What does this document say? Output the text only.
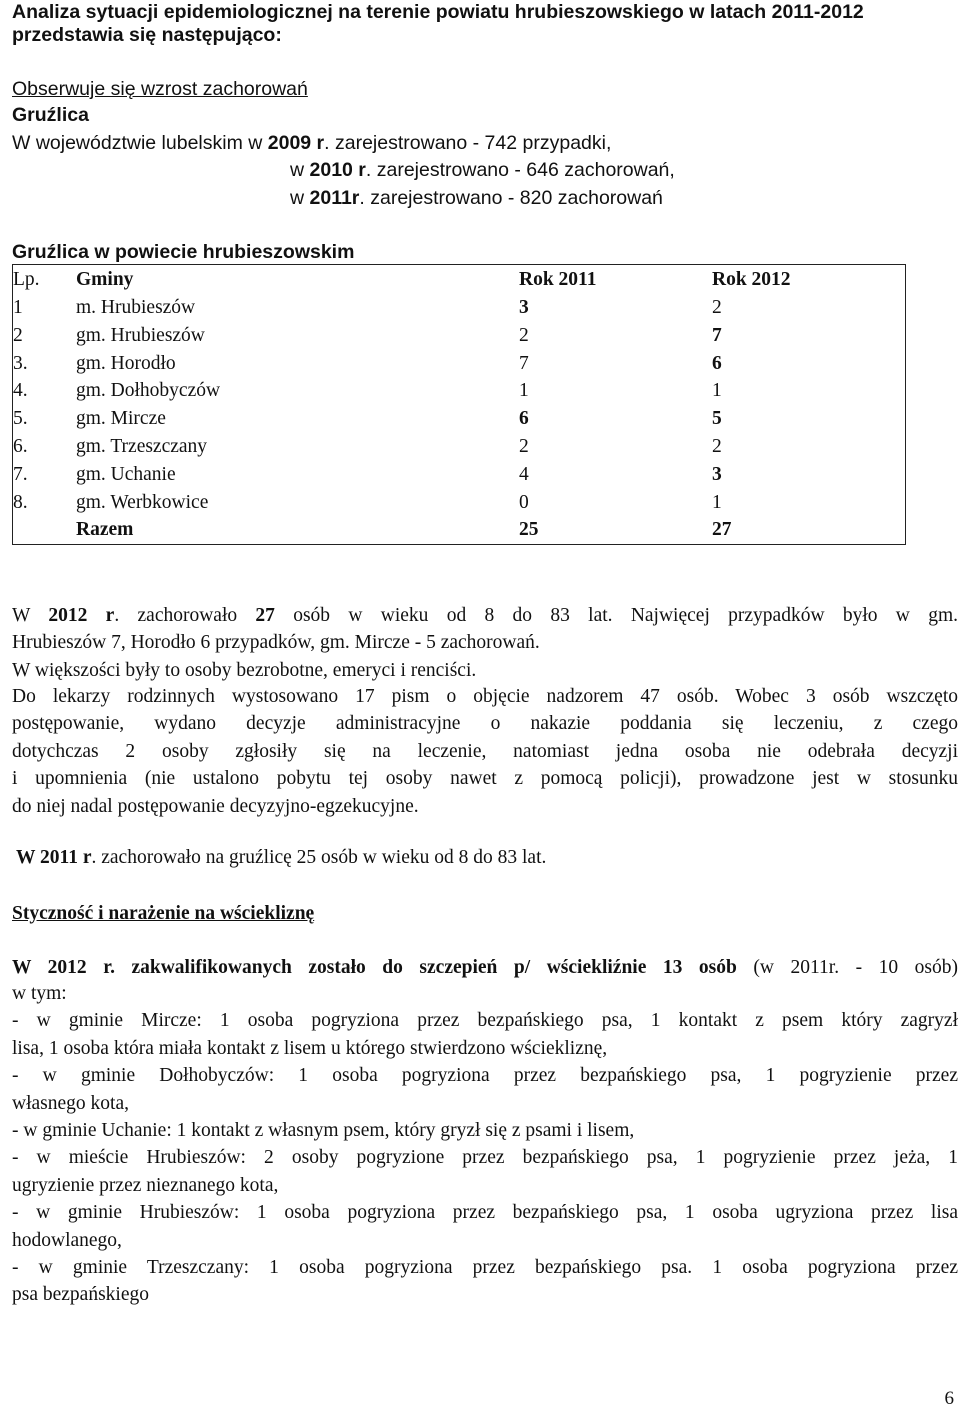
Analiza sytuacji epidemiologicznej na terenie powiatu hrubieszowskiego w latach 2011-2012
przedstawia się następująco:
Obserwuje się wzrost zachorowań
Gruźlica
W województwie lubelskim w 2009 r. zarejestrowano - 742 przypadki,
w 2010 r. zarejestrowano - 646 zachorowań,
w 2011r. zarejestrowano - 820 zachorowań
Gruźlica w powiecie hrubieszowskim
Lp.	Gminy	Rok 2011	Rok 2012
1	m. Hrubieszów	3	2
2	gm. Hrubieszów	2	7
3.	gm. Horodło	7	6
4.	gm. Dołhobyczów	1	1
5.	gm. Mircze	6	5
6.	gm. Trzeszczany	2	2
7.	gm. Uchanie	4	3
8.	gm. Werbkowice	0	1
	Razem	25	27
W 2012 r. zachorowało 27 osób w wieku od 8 do 83 lat. Najwięcej przypadków było w gm.
Hrubieszów 7, Horodło 6 przypadków, gm. Mircze - 5 zachorowań.
W większości były to osoby bezrobotne, emeryci i renciści.
Do lekarzy rodzinnych wystosowano 17 pism o objęcie nadzorem 47 osób. Wobec 3 osób wszczęto
postępowanie, wydano decyzje administracyjne o nakazie poddania się leczeniu, z czego
dotychczas 2 osoby zgłosiły się na leczenie, natomiast jedna osoba nie odebrała decyzji
i upomnienia (nie ustalono pobytu tej osoby nawet z pomocą policji), prowadzone jest w stosunku
do niej nadal postępowanie decyzyjno-egzekucyjne.
W 2011 r. zachorowało na gruźlicę 25 osób w wieku od 8 do 83 lat.
Styczność i narażenie na wściekliznę
W 2012 r. zakwalifikowanych zostało do szczepień p/ wściekliźnie 13 osób (w 2011r. - 10 osób)
w tym:
- w gminie Mircze: 1 osoba pogryziona przez bezpańskiego psa, 1 kontakt z psem który zagryzł
lisa, 1 osoba która miała kontakt z lisem u którego stwierdzono wściekliznę,
- w gminie Dołhobyczów: 1 osoba pogryziona przez bezpańskiego psa, 1 pogryzienie przez
własnego kota,
- w gminie Uchanie: 1 kontakt z własnym psem, który gryzł się z psami i lisem,
- w mieście Hrubieszów: 2 osoby pogryzione przez bezpańskiego psa, 1 pogryzienie przez jeża, 1
ugryzienie przez nieznanego kota,
- w gminie Hrubieszów: 1 osoba pogryziona przez bezpańskiego psa, 1 osoba ugryziona przez lisa
hodowlanego,
- w gminie Trzeszczany: 1 osoba pogryziona przez bezpańskiego psa. 1 osoba pogryziona przez
psa bezpańskiego
6
